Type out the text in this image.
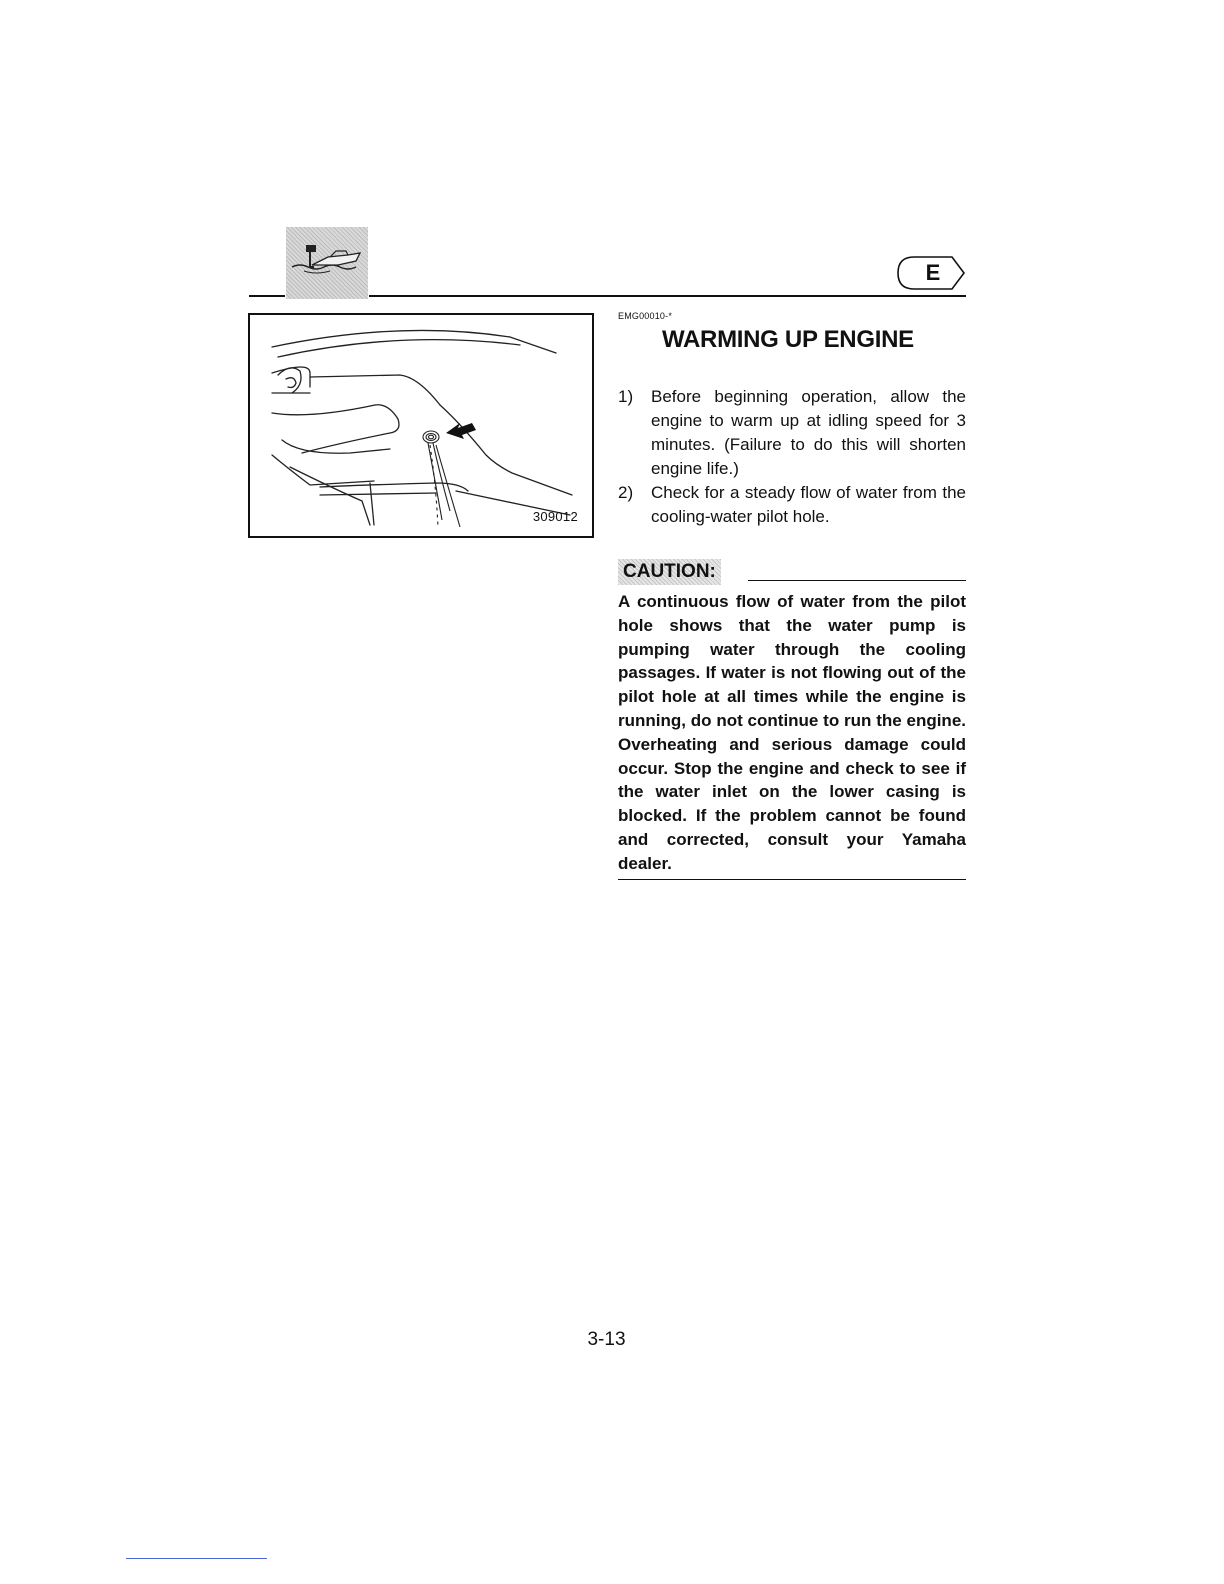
E
309012
EMG00010-*
WARMING UP ENGINE
1)	Before beginning operation, allow the engine to warm up at idling speed for 3 minutes. (Failure to do this will shorten engine life.)
2)	Check for a steady flow of water from the cooling-water pilot hole.
CAUTION:

A continuous flow of water from the pilot hole shows that the water pump is pumping water through the cooling passages. If water is not flowing out of the pilot hole at all times while the engine is running, do not continue to run the engine. Overheating and serious damage could occur. Stop the engine and check to see if the water inlet on the lower casing is blocked. If the problem cannot be found and corrected, consult your Yamaha dealer.

3-13
